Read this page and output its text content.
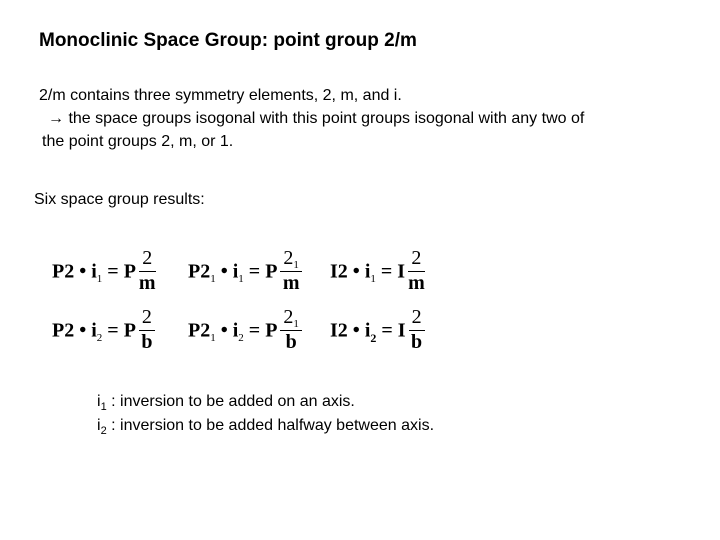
Monoclinic Space Group: point group 2/m
2/m contains three symmetry elements, 2, m, and i.
→ the space groups isogonal with this point groups isogonal with any two of
the point groups 2, m, or 1.
Six space group results:
P2 • $i_1 = P \frac{2}{m} P2_1$ • $i_1 = P \frac{2_1}{m} I2$ • $i_1 = I \frac{2}{m}$
P2 • $i_2 = P \frac{2}{b} P2_1$ • $i_2 = P \frac{2_1}{b} I2$ • $i_2 = I \frac{2}{b}$
$i_1$ : inversion to be added on an axis.
$i_2$ : inversion to be added halfway between axis.
